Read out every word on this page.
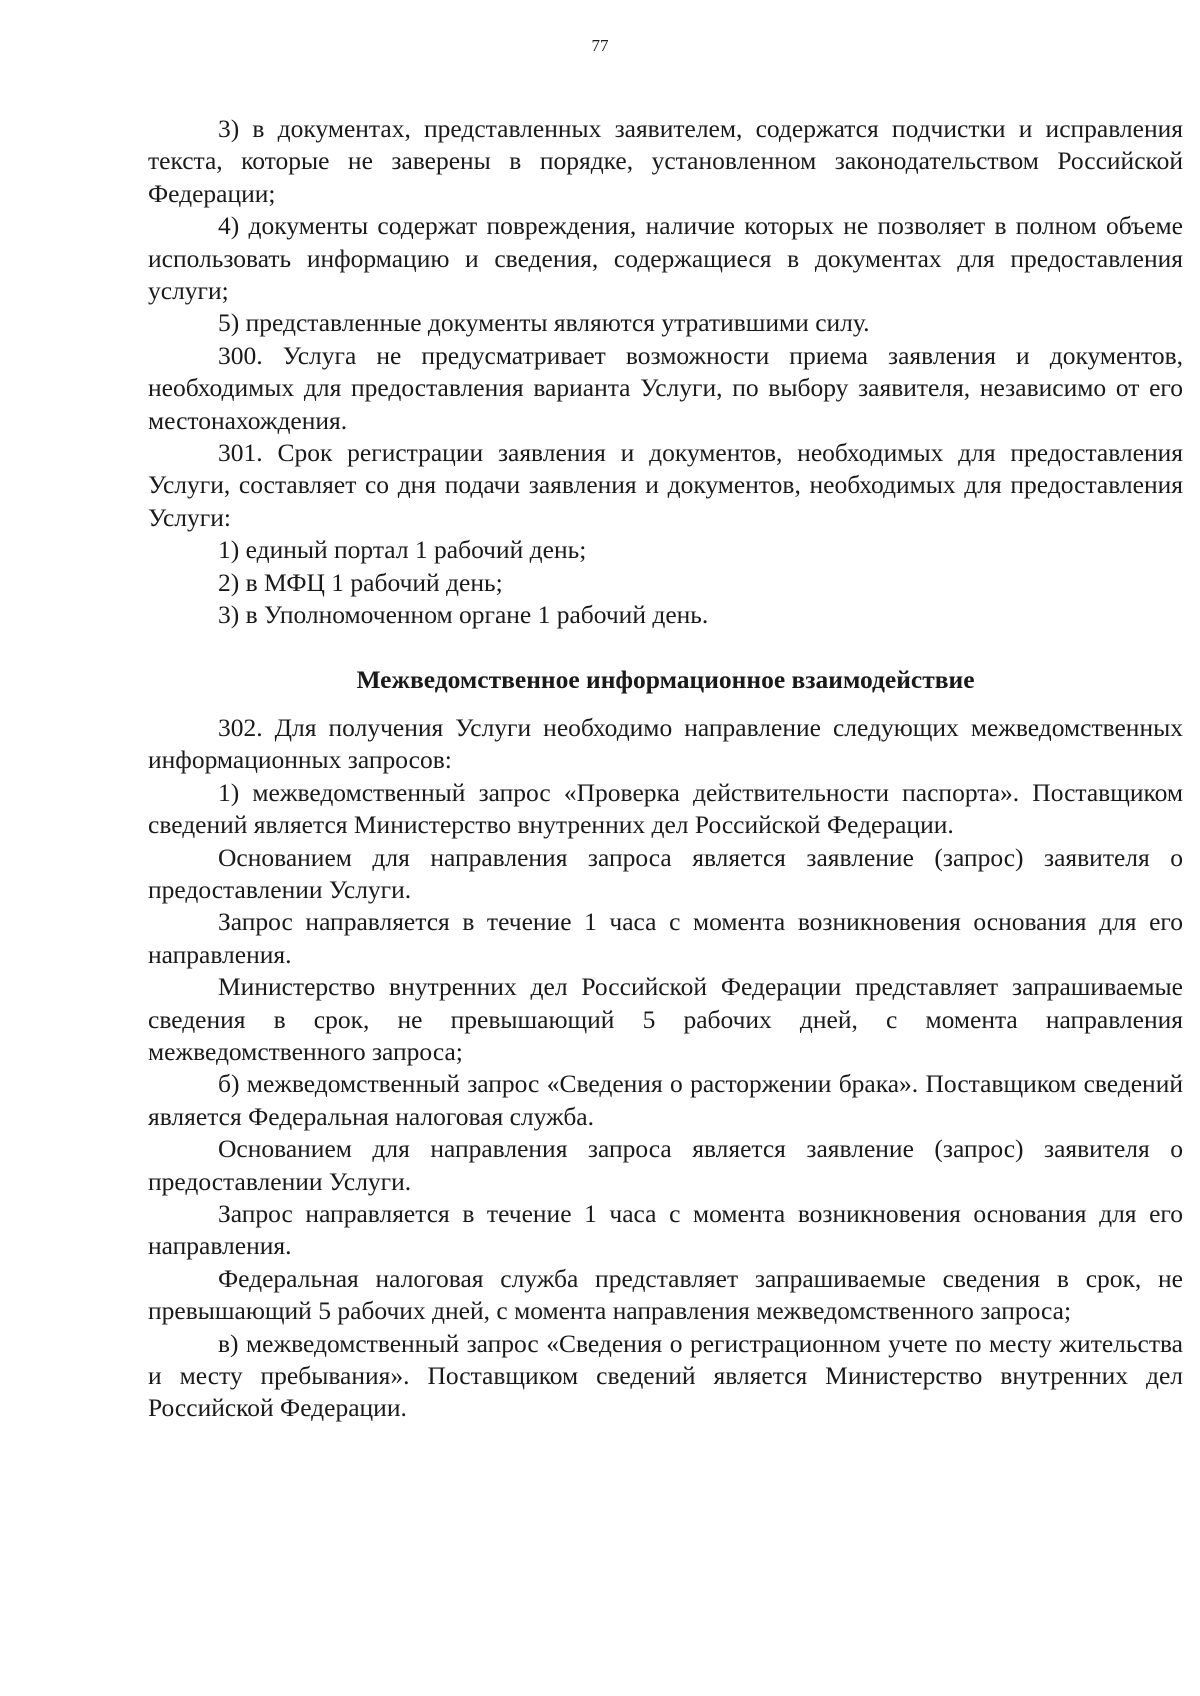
77

3) в документах, представленных заявителем, содержатся подчистки и исправления текста, которые не заверены в порядке, установленном законодательством Российской Федерации;

4) документы содержат повреждения, наличие которых не позволяет в полном объеме использовать информацию и сведения, содержащиеся в документах для предоставления услуги;

5) представленные документы являются утратившими силу.

300. Услуга не предусматривает возможности приема заявления и документов, необходимых для предоставления варианта Услуги, по выбору заявителя, независимо от его местонахождения.

301. Срок регистрации заявления и документов, необходимых для предоставления Услуги, составляет со дня подачи заявления и документов, необходимых для предоставления Услуги:

1) единый портал 1 рабочий день;

2) в МФЦ 1 рабочий день;

3) в Уполномоченном органе 1 рабочий день.

Межведомственное информационное взаимодействие

302. Для получения Услуги необходимо направление следующих межведомственных информационных запросов:

1) межведомственный запрос «Проверка действительности паспорта». Поставщиком сведений является Министерство внутренних дел Российской Федерации.

Основанием для направления запроса является заявление (запрос) заявителя о предоставлении Услуги.

Запрос направляется в течение 1 часа с момента возникновения основания для его направления.

Министерство внутренних дел Российской Федерации представляет запрашиваемые сведения в срок, не превышающий 5 рабочих дней, с момента направления межведомственного запроса;

б) межведомственный запрос «Сведения о расторжении брака». Поставщиком сведений является Федеральная налоговая служба.

Основанием для направления запроса является заявление (запрос) заявителя о предоставлении Услуги.

Запрос направляется в течение 1 часа с момента возникновения основания для его направления.

Федеральная налоговая служба представляет запрашиваемые сведения в срок, не превышающий 5 рабочих дней, с момента направления межведомственного запроса;

в) межведомственный запрос «Сведения о регистрационном учете по месту жительства и месту пребывания». Поставщиком сведений является Министерство внутренних дел Российской Федерации.
